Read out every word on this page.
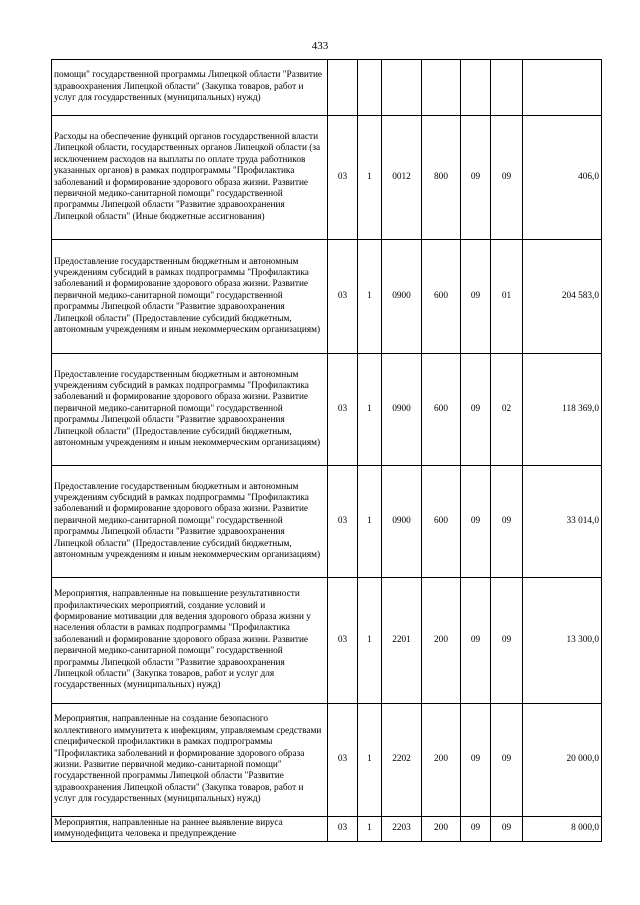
433
помощи" государственной программы Липецкой области "Развитие здравоохранения Липецкой области" (Закупка товаров, работ и услуг для государственных (муниципальных) нужд)							
Расходы на обеспечение функций органов государственной власти Липецкой области, государственных органов Липецкой области (за исключением расходов на выплаты по оплате труда работников указанных органов) в рамках подпрограммы "Профилактика заболеваний и формирование здорового образа жизни. Развитие первичной медико-санитарной помощи" государственной программы Липецкой области "Развитие здравоохранения Липецкой области" (Иные бюджетные ассигнования)	03	1	0012	800	09	09	406,0
Предоставление государственным бюджетным и автономным учреждениям субсидий в рамках подпрограммы "Профилактика заболеваний и формирование здорового образа жизни. Развитие первичной медико-санитарной помощи" государственной программы Липецкой области "Развитие здравоохранения Липецкой области" (Предоставление субсидий бюджетным, автономным учреждениям и иным некоммерческим организациям)	03	1	0900	600	09	01	204 583,0
Предоставление государственным бюджетным и автономным учреждениям субсидий в рамках подпрограммы "Профилактика заболеваний и формирование здорового образа жизни. Развитие первичной медико-санитарной помощи" государственной программы Липецкой области "Развитие здравоохранения Липецкой области" (Предоставление субсидий бюджетным, автономным учреждениям и иным некоммерческим организациям)	03	1	0900	600	09	02	118 369,0
Предоставление государственным бюджетным и автономным учреждениям субсидий в рамках подпрограммы "Профилактика заболеваний и формирование здорового образа жизни. Развитие первичной медико-санитарной помощи" государственной программы Липецкой области "Развитие здравоохранения Липецкой области" (Предоставление субсидий бюджетным, автономным учреждениям и иным некоммерческим организациям)	03	1	0900	600	09	09	33 014,0
Мероприятия, направленные на повышение результативности профилактических мероприятий, создание условий и формирование мотивации для ведения здорового образа жизни у населения области в рамках подпрограммы "Профилактика заболеваний и формирование здорового образа жизни. Развитие первичной медико-санитарной помощи" государственной программы Липецкой области "Развитие здравоохранения Липецкой области" (Закупка товаров, работ и услуг для государственных (муниципальных) нужд)	03	1	2201	200	09	09	13 300,0
Мероприятия, направленные на создание безопасного коллективного иммунитета к инфекциям, управляемым средствами специфической профилактики в рамках подпрограммы "Профилактика заболеваний и формирование здорового образа жизни. Развитие первичной медико-санитарной помощи" государственной программы Липецкой области "Развитие здравоохранения Липецкой области" (Закупка товаров, работ и услуг для государственных (муниципальных) нужд)	03	1	2202	200	09	09	20 000,0
Мероприятия, направленные на раннее выявление вируса иммунодефицита человека и предупреждение	03	1	2203	200	09	09	8 000,0
